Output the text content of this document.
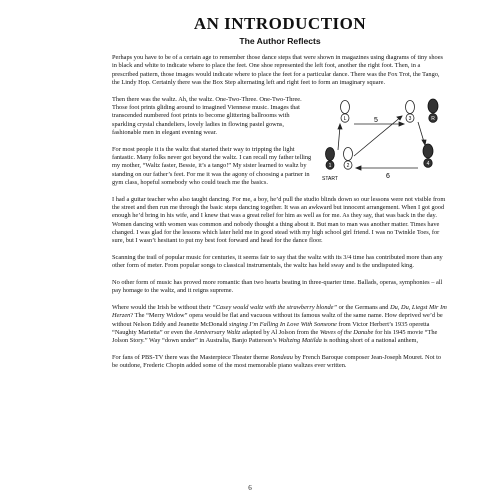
AN INTRODUCTION
The Author Reflects

Perhaps you have to be of a certain age to remember those dance steps that were shown in magazines using diagrams of tiny shoes in black and white to indicate where to place the feet. One shoe represented the left foot, another the right foot. Then, in a prescribed pattern, those images would indicate where to place the feet for a particular dance. There was the Fox Trot, the Tango, the Lindy Hop. Certainly there was the Box Step alternating left and right feet to form an imaginary square.

Then there was the waltz. Ah, the waltz. One-Two-Three. One-Two-Three. Those foot prints gliding around to imagined Viennese music. Images that transcended numbered foot prints to become glittering ballrooms with sparkling crystal chandeliers, lovely ladies in flowing pastel gowns, fashionable men in elegant evening wear.

For most people it is the waltz that started their way to tripping the light fantastic. Many folks never got beyond the waltz. I can recall my father telling my mother, “Waltz faster, Bessie, it’s a tango!” My sister learned to waltz by standing on our father’s feet. For me it was the agony of choosing a partner in gym class, hopeful somebody who could teach me the basics.

L	3	R
1	2	4
5
6
START

I had a guitar teacher who also taught dancing. For me, a boy, he’d pull the studio blinds down so our lessons were not visible from the street and then run me through the basic steps dancing together. It was an awkward but innocent arrangement. When I got good enough he’d bring in his wife, and I knew that was a great relief for him as well as for me. As they say, that was back in the day. Women dancing with women was common and nobody thought a thing about it. But man to man was another matter. Times have changed. I was glad for the lessons which later held me in good stead with my high school girl friend. I was no Twinkle Toes, for sure, but I wasn’t hesitant to put my best foot forward and head for the dance floor.

Scanning the trail of popular music for centuries, it seems fair to say that the waltz with its 3/4 time has contributed more than any other form of meter. From popular songs to classical instrumentals, the waltz has held sway and is the undisputed king.

No other form of music has proved more romantic than two hearts beating in three-quarter time. Ballads, operas, symphonies – all pay homage to the waltz, and it reigns supreme.

Where would the Irish be without their “Casey would waltz with the strawberry blonde” or the Germans and Du, Du, Liegst Mir Im Herzen? The “Merry Widow” opera would be flat and vacuous without its famous waltz of the same name. How deprived we’d be without Nelson Eddy and Jeanette McDonald singing I’m Falling In Love With Someone from Victor Herbert’s 1935 operetta “Naughty Marietta” or even the Anniversary Waltz adapted by Al Jolson from the Waves of the Danube for his 1945 movie “The Jolson Story.” Way “down under” in Australia, Banjo Patterson’s Waltzing Matilda is nothing short of a national anthem,

For fans of PBS-TV there was the Masterpiece Theater theme Rondeau by French Baroque composer Jean-Joseph Mouret. Not to be outdone, Frederic Chopin added some of the most memorable piano waltzes ever written.

6
